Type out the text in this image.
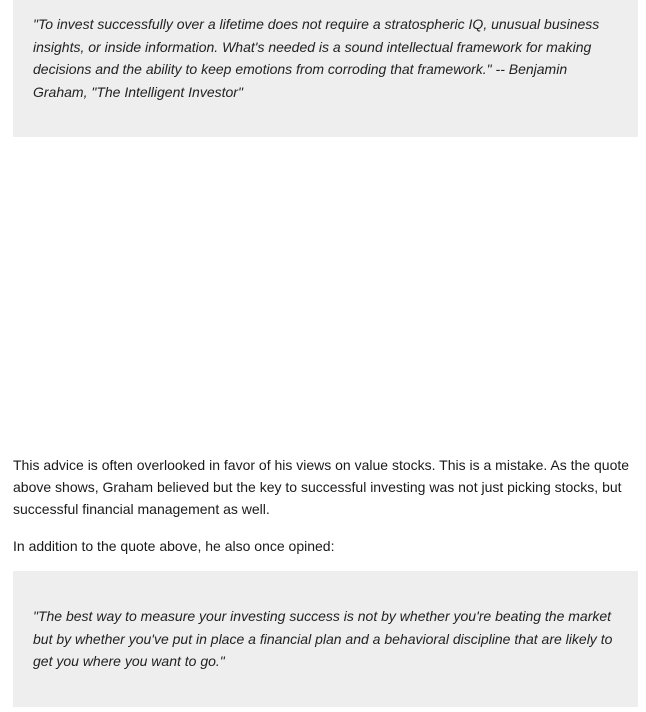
"To invest successfully over a lifetime does not require a stratospheric IQ, unusual business insights, or inside information. What's needed is a sound intellectual framework for making decisions and the ability to keep emotions from corroding that framework." -- Benjamin Graham, "The Intelligent Investor"

This advice is often overlooked in favor of his views on value stocks. This is a mistake. As the quote above shows, Graham believed but the key to successful investing was not just picking stocks, but successful financial management as well.

In addition to the quote above, he also once opined:

"The best way to measure your investing success is not by whether you're beating the market but by whether you've put in place a financial plan and a behavioral discipline that are likely to get you where you want to go."
